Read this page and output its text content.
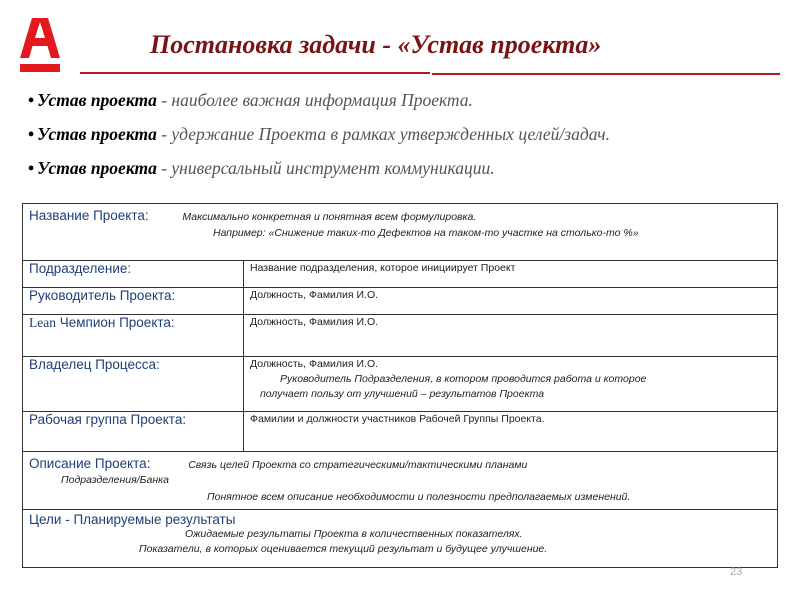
Постановка задачи - «Устав проекта»
• Устав проекта - наиболее важная информация Проекта.
• Устав проекта - удержание Проекта в рамках утвержденных целей/задач.
• Устав проекта - универсальный инструмент коммуникации.
Название Проекта: Максимально конкретная и понятная всем формулировка.
Например: «Снижение таких-то Дефектов на таком-то участке на столько-то %»	

Подразделение:	Название подразделения, которое инициирует Проект
Руководитель Проекта:	Должность, Фамилия И.О.
Lean Чемпион Проекта:	Должность, Фамилия И.О.
Владелец Процесса:	Должность, Фамилия И.О.
Руководитель Подразделения, в котором проводится работа и которое
получает пользу от улучшений – результатов Проекта

Рабочая группа Проекта:	Фамилии и должности участников Рабочей Группы Проекта.

Описание Проекта: Связь целей Проекта со стратегическими/тактическими планами
Подразделения/Банка
Понятное всем описание необходимости и полезности предполагаемых изменений.	

Цели - Планируемые результаты
Ожидаемые результаты Проекта в количественных показателях.
Показатели, в которых оценивается текущий результат и будущее улучшение.	
23
